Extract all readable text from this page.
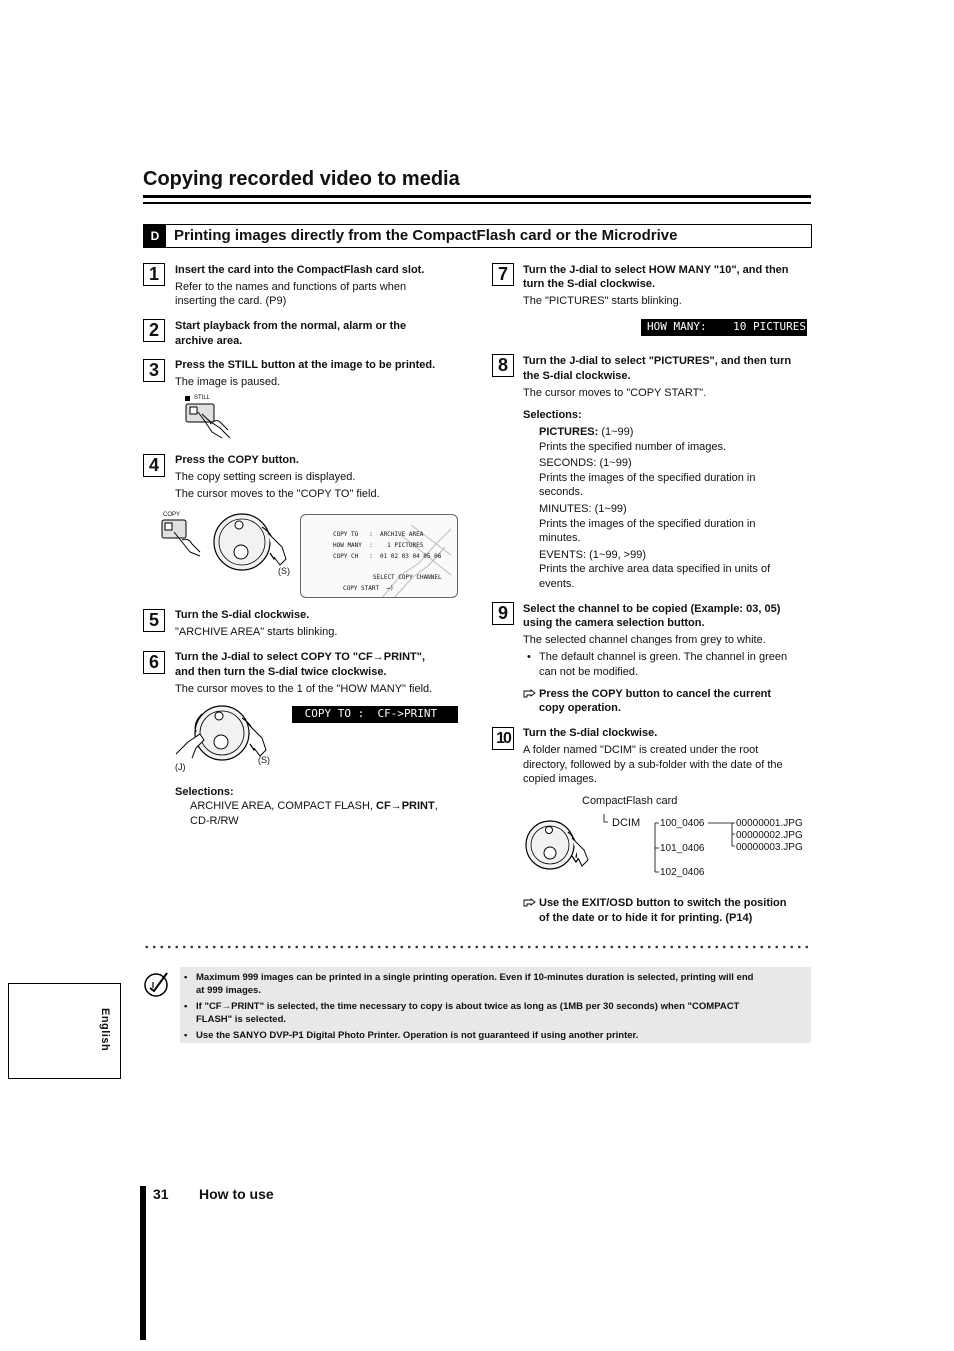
Copying recorded video to media
D Printing images directly from the CompactFlash card or the Microdrive
1	Insert the card into the CompactFlash card slot.
Refer to the names and functions of parts when
inserting the card. (P9)
2	Start playback from the normal, alarm or the
archive area.
3	Press the STILL button at the image to be printed.
The image is paused.
STILL
4	Press the COPY button.
The copy setting screen is displayed.
The cursor moves to the "COPY TO" field.
COPY
(S)
COPY TO   :  ARCHIVE AREA
HOW MANY  :    1 PICTURES
COPY CH   :  01 02 03 04 05 06
SELECT COPY CHANNEL
COPY START  →)
5	Turn the S-dial clockwise.
"ARCHIVE AREA" starts blinking.
6	Turn the J-dial to select COPY TO "CF→PRINT",
and then turn the S-dial twice clockwise.
The cursor moves to the 1 of the "HOW MANY" field.
(J)
(S)
COPY TO :  CF->PRINT
Selections:
ARCHIVE AREA, COMPACT FLASH, CF→PRINT,
CD-R/RW
7	Turn the J-dial to select HOW MANY "10", and then
turn the S-dial clockwise.
The "PICTURES" starts blinking.
HOW MANY:    10 PICTURES
8	Turn the J-dial to select "PICTURES", and then turn
the S-dial clockwise.
The cursor moves to "COPY START".
Selections:
PICTURES: (1~99)
Prints the specified number of images.
SECONDS: (1~99)
Prints the images of the specified duration in
seconds.
MINUTES: (1~99)
Prints the images of the specified duration in
minutes.
EVENTS: (1~99, >99)
Prints the archive area data specified in units of
events.
9	Select the channel to be copied (Example: 03, 05)
using the camera selection button.
The selected channel changes from grey to white.
• The default channel is green. The channel in green
can not be modified.
Press the COPY button to cancel the current
copy operation.
10	Turn the S-dial clockwise.
A folder named "DCIM" is created under the root
directory, followed by a sub-folder with the date of the
copied images.
CompactFlash card
DCIM 100_0406
101_0406
102_0406
00000001.JPG
00000002.JPG
00000003.JPG
Use the EXIT/OSD button to switch the position
of the date or to hide it for printing. (P14)
• Maximum 999 images can be printed in a single printing operation. Even if 10-minutes duration is selected, printing will end
at 999 images.
• If "CF→PRINT" is selected, the time necessary to copy is about twice as long as (1MB per 30 seconds) when "COMPACT
FLASH" is selected.
• Use the SANYO DVP-P1 Digital Photo Printer. Operation is not guaranteed if using another printer.
English
31 How to use
